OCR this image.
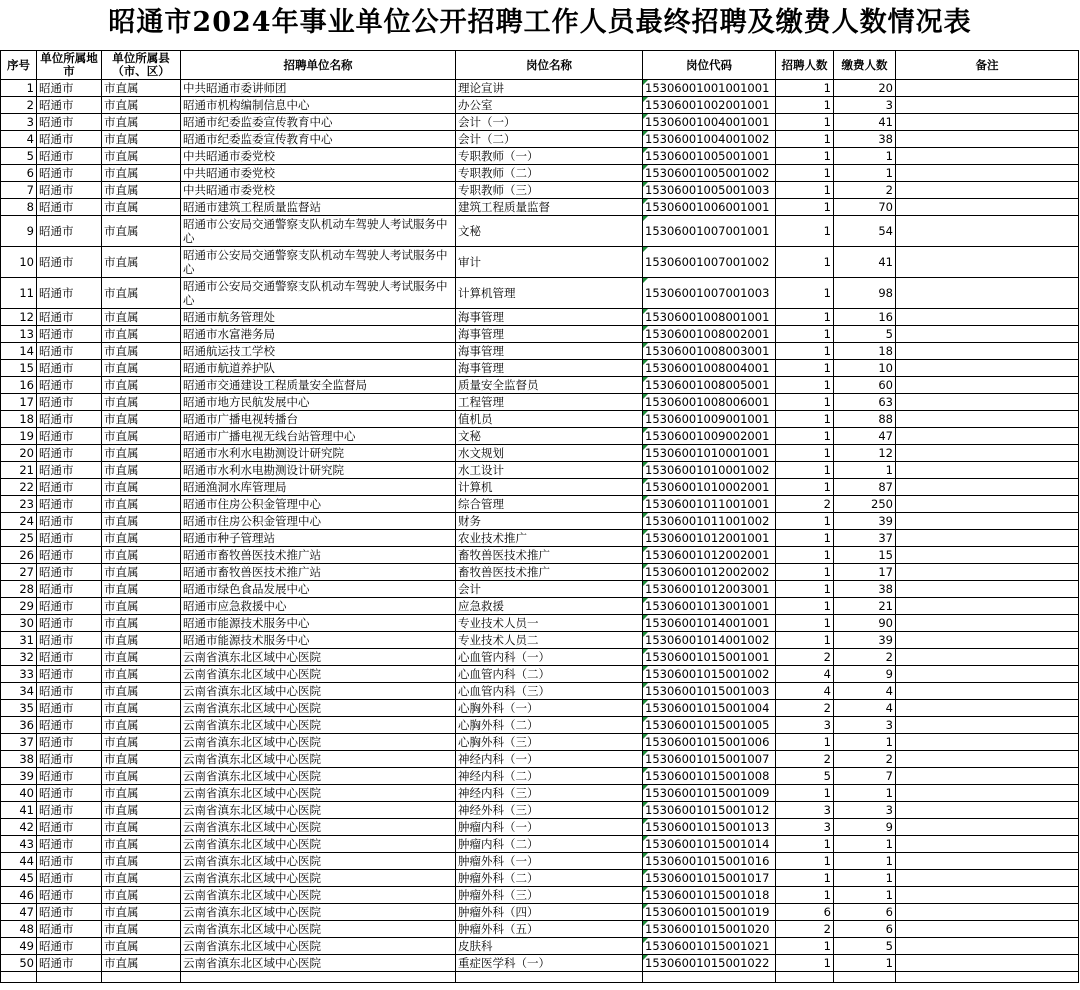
昭通市2024年事业单位公开招聘工作人员最终招聘及缴费人数情况表
序号	单位所属地市	单位所属县（市、区）	招聘单位名称	岗位名称	岗位代码	招聘人数	缴费人数	备注
1	昭通市	市直属	中共昭通市委讲师团	理论宣讲	15306001001001001	1	20	
2	昭通市	市直属	昭通市机构编制信息中心	办公室	15306001002001001	1	3	
3	昭通市	市直属	昭通市纪委监委宣传教育中心	会计（一）	15306001004001001	1	41	
4	昭通市	市直属	昭通市纪委监委宣传教育中心	会计（二）	15306001004001002	1	38	
5	昭通市	市直属	中共昭通市委党校	专职教师（一）	15306001005001001	1	1	
6	昭通市	市直属	中共昭通市委党校	专职教师（二）	15306001005001002	1	1	
7	昭通市	市直属	中共昭通市委党校	专职教师（三）	15306001005001003	1	2	
8	昭通市	市直属	昭通市建筑工程质量监督站	建筑工程质量监督	15306001006001001	1	70	
9	昭通市	市直属	昭通市公安局交通警察支队机动车驾驶人考试服务中心	文秘	15306001007001001	1	54	
10	昭通市	市直属	昭通市公安局交通警察支队机动车驾驶人考试服务中心	审计	15306001007001002	1	41	
11	昭通市	市直属	昭通市公安局交通警察支队机动车驾驶人考试服务中心	计算机管理	15306001007001003	1	98	
12	昭通市	市直属	昭通市航务管理处	海事管理	15306001008001001	1	16	
13	昭通市	市直属	昭通市水富港务局	海事管理	15306001008002001	1	5	
14	昭通市	市直属	昭通航运技工学校	海事管理	15306001008003001	1	18	
15	昭通市	市直属	昭通市航道养护队	海事管理	15306001008004001	1	10	
16	昭通市	市直属	昭通市交通建设工程质量安全监督局	质量安全监督员	15306001008005001	1	60	
17	昭通市	市直属	昭通市地方民航发展中心	工程管理	15306001008006001	1	63	
18	昭通市	市直属	昭通市广播电视转播台	值机员	15306001009001001	1	88	
19	昭通市	市直属	昭通市广播电视无线台站管理中心	文秘	15306001009002001	1	47	
20	昭通市	市直属	昭通市水利水电勘测设计研究院	水文规划	15306001010001001	1	12	
21	昭通市	市直属	昭通市水利水电勘测设计研究院	水工设计	15306001010001002	1	1	
22	昭通市	市直属	昭通渔洞水库管理局	计算机	15306001010002001	1	87	
23	昭通市	市直属	昭通市住房公积金管理中心	综合管理	15306001011001001	2	250	
24	昭通市	市直属	昭通市住房公积金管理中心	财务	15306001011001002	1	39	
25	昭通市	市直属	昭通市种子管理站	农业技术推广	15306001012001001	1	37	
26	昭通市	市直属	昭通市畜牧兽医技术推广站	畜牧兽医技术推广	15306001012002001	1	15	
27	昭通市	市直属	昭通市畜牧兽医技术推广站	畜牧兽医技术推广	15306001012002002	1	17	
28	昭通市	市直属	昭通市绿色食品发展中心	会计	15306001012003001	1	38	
29	昭通市	市直属	昭通市应急救援中心	应急救援	15306001013001001	1	21	
30	昭通市	市直属	昭通市能源技术服务中心	专业技术人员一	15306001014001001	1	90	
31	昭通市	市直属	昭通市能源技术服务中心	专业技术人员二	15306001014001002	1	39	
32	昭通市	市直属	云南省滇东北区域中心医院	心血管内科（一）	15306001015001001	2	2	
33	昭通市	市直属	云南省滇东北区域中心医院	心血管内科（二）	15306001015001002	4	9	
34	昭通市	市直属	云南省滇东北区域中心医院	心血管内科（三）	15306001015001003	4	4	
35	昭通市	市直属	云南省滇东北区域中心医院	心胸外科（一）	15306001015001004	2	4	
36	昭通市	市直属	云南省滇东北区域中心医院	心胸外科（二）	15306001015001005	3	3	
37	昭通市	市直属	云南省滇东北区域中心医院	心胸外科（三）	15306001015001006	1	1	
38	昭通市	市直属	云南省滇东北区域中心医院	神经内科（一）	15306001015001007	2	2	
39	昭通市	市直属	云南省滇东北区域中心医院	神经内科（二）	15306001015001008	5	7	
40	昭通市	市直属	云南省滇东北区域中心医院	神经内科（三）	15306001015001009	1	1	
41	昭通市	市直属	云南省滇东北区域中心医院	神经外科（三）	15306001015001012	3	3	
42	昭通市	市直属	云南省滇东北区域中心医院	肿瘤内科（一）	15306001015001013	3	9	
43	昭通市	市直属	云南省滇东北区域中心医院	肿瘤内科（二）	15306001015001014	1	1	
44	昭通市	市直属	云南省滇东北区域中心医院	肿瘤外科（一）	15306001015001016	1	1	
45	昭通市	市直属	云南省滇东北区域中心医院	肿瘤外科（二）	15306001015001017	1	1	
46	昭通市	市直属	云南省滇东北区域中心医院	肿瘤外科（三）	15306001015001018	1	1	
47	昭通市	市直属	云南省滇东北区域中心医院	肿瘤外科（四）	15306001015001019	6	6	
48	昭通市	市直属	云南省滇东北区域中心医院	肿瘤外科（五）	15306001015001020	2	6	
49	昭通市	市直属	云南省滇东北区域中心医院	皮肤科	15306001015001021	1	5	
50	昭通市	市直属	云南省滇东北区域中心医院	重症医学科（一）	15306001015001022	1	1	
